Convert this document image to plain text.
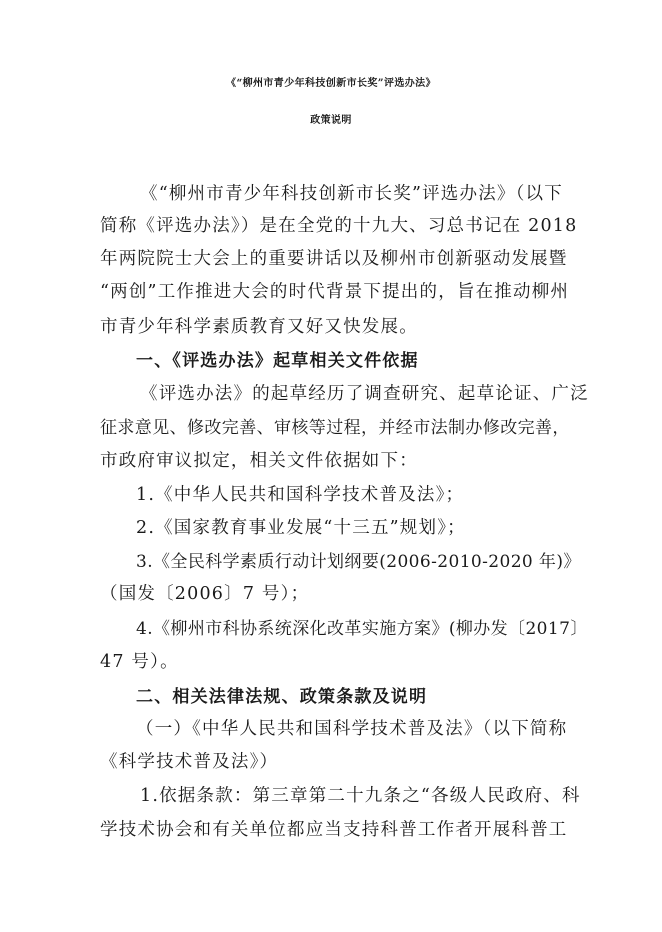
《“柳州市青少年科技创新市长奖”评选办法》
政策说明
《“柳州市青少年科技创新市长奖”评选办法》（以下
简称《评选办法》）是在全党的十九大、习总书记在 2018
年两院院士大会上的重要讲话以及柳州市创新驱动发展暨
“两创”工作推进大会的时代背景下提出的，旨在推动柳州
市青少年科学素质教育又好又快发展。
一、《评选办法》起草相关文件依据
《评选办法》的起草经历了调查研究、起草论证、广泛
征求意见、修改完善、审核等过程，并经市法制办修改完善，
市政府审议拟定，相关文件依据如下：
1.《中华人民共和国科学技术普及法》；
2.《国家教育事业发展“十三五”规划》；
3.《全民科学素质行动计划纲要(2006-2010-2020 年)》
（国发〔2006〕7 号）；
4.《柳州市科协系统深化改革实施方案》(柳办发〔2017〕
47 号）。
二、相关法律法规、政策条款及说明
（一）《中华人民共和国科学技术普及法》（以下简称
《科学技术普及法》）
1.依据条款：第三章第二十九条之“各级人民政府、科
学技术协会和有关单位都应当支持科普工作者开展科普工
